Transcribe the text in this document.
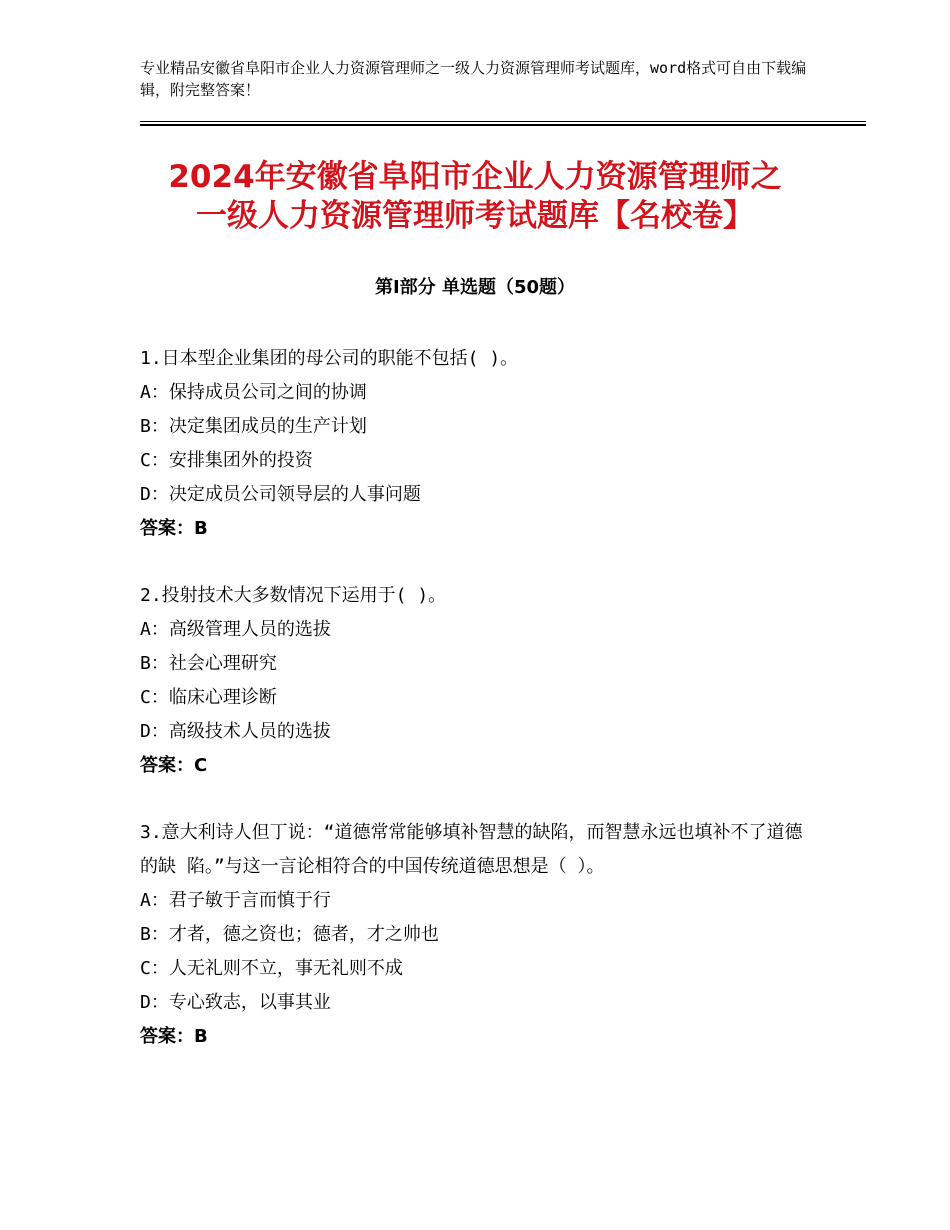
专业精品安徽省阜阳市企业人力资源管理师之一级人力资源管理师考试题库，word格式可自由下载编辑，附完整答案！
2024年安徽省阜阳市企业人力资源管理师之
一级人力资源管理师考试题库【名校卷】
第Ⅰ部分 单选题（50题）
1.日本型企业集团的母公司的职能不包括( )。
A：保持成员公司之间的协调
B：决定集团成员的生产计划
C：安排集团外的投资
D：决定成员公司领导层的人事问题
答案：B
2.投射技术大多数情况下运用于( )。
A：高级管理人员的选拔
B：社会心理研究
C：临床心理诊断
D：高级技术人员的选拔
答案：C
3.意大利诗人但丁说：“道德常常能够填补智慧的缺陷，而智慧永远也填补不了道德的缺 陷。”与这一言论相符合的中国传统道德思想是（ ）。
A：君子敏于言而慎于行
B：才者，德之资也；德者，才之帅也
C：人无礼则不立，事无礼则不成
D：专心致志，以事其业
答案：B
